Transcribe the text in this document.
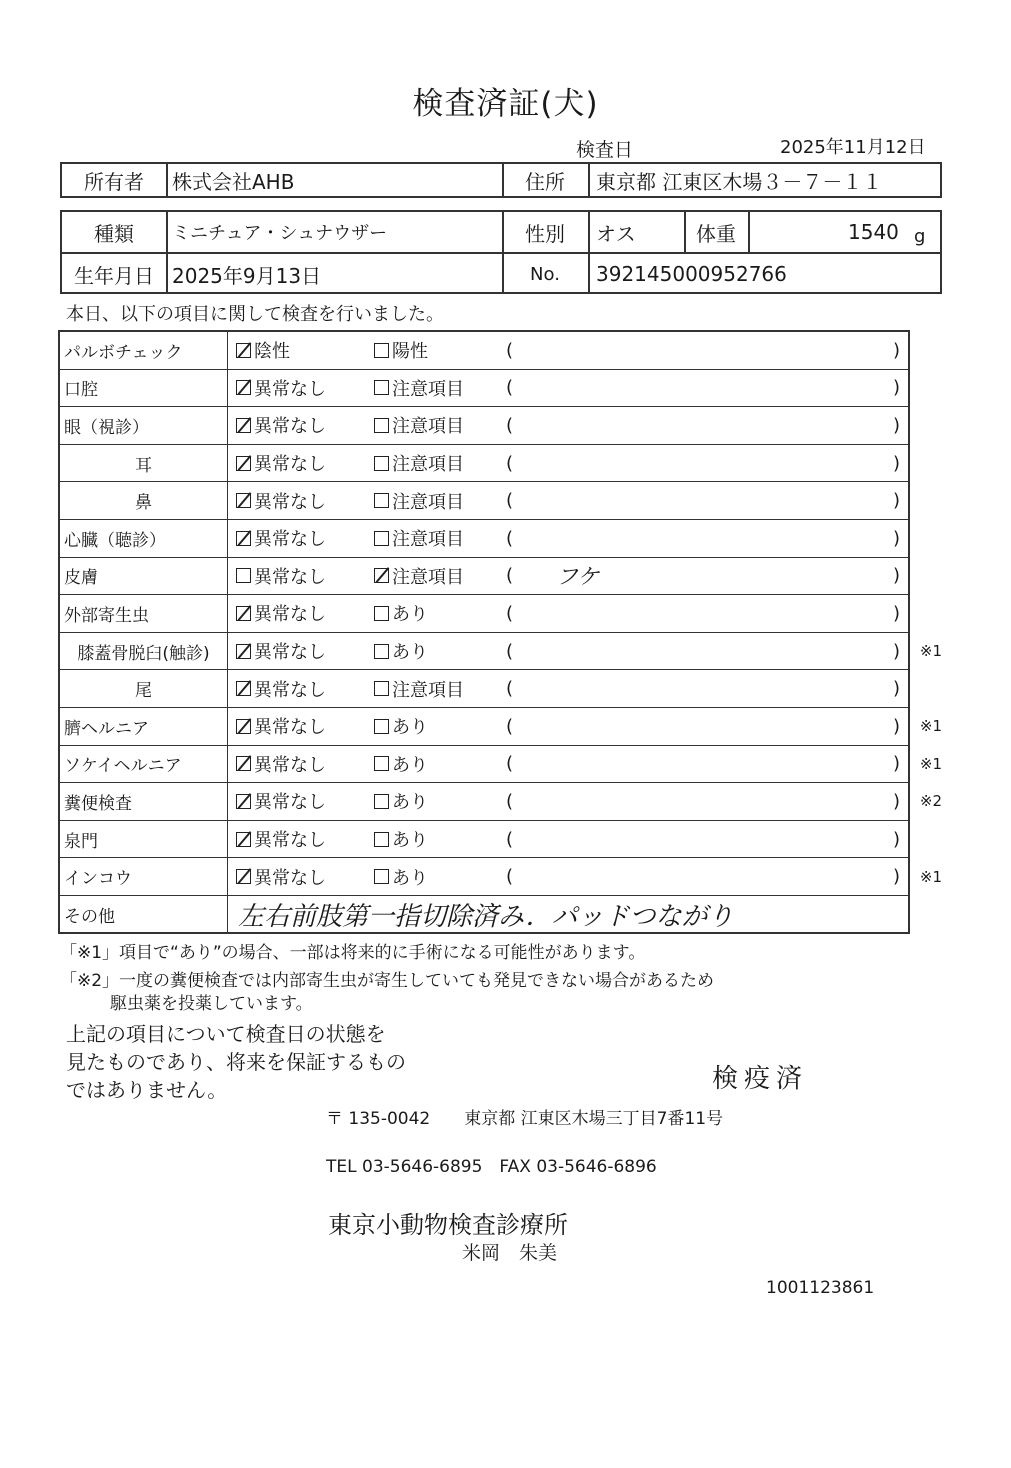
検査済証(犬)
検査日	2025年11月12日
所有者	株式会社AHB	住所	東京都 江東区木場３－７－１１
種類	ミニチュア・シュナウザー	性別	オス	体重	1540 g
生年月日 2025年9月13日	No.	392145000952766
本日、以下の項目に関して検査を行いました。
パルボチェック	陰性	陽性	(	)
口腔	異常なし	注意項目 (	)
眼（視診）	異常なし	注意項目 (	)
耳	異常なし	注意項目 (	)
鼻	異常なし	注意項目 (	)
心臓（聴診）	異常なし	注意項目 (	)
皮膚	異常なし	注意項目 ( フケ	)
外部寄生虫	異常なし	あり	(	)
膝蓋骨脱臼(触診)	異常なし	あり	(	) ※1
尾	異常なし	注意項目 (	)
臍ヘルニア	異常なし	あり	(	) ※1
ソケイヘルニア	異常なし	あり	(	) ※1
糞便検査	異常なし	あり	(	) ※2
泉門	異常なし	あり	(	)
インコウ	異常なし	あり	(	) ※1
その他	左右前肢第一指切除済み．パッドつながり
「※1」項目で“あり”の場合、一部は将来的に手術になる可能性があります。
「※2」一度の糞便検査では内部寄生虫が寄生していても発見できない場合があるため
駆虫薬を投薬しています。
上記の項目について検査日の状態を
見たものであり、将来を保証するもの
ではありません。	検疫済
〒 135-0042　　東京都 江東区木場三丁目7番11号
TEL 03-5646-6895　FAX 03-5646-6896
東京小動物検査診療所
米岡　朱美
1001123861
